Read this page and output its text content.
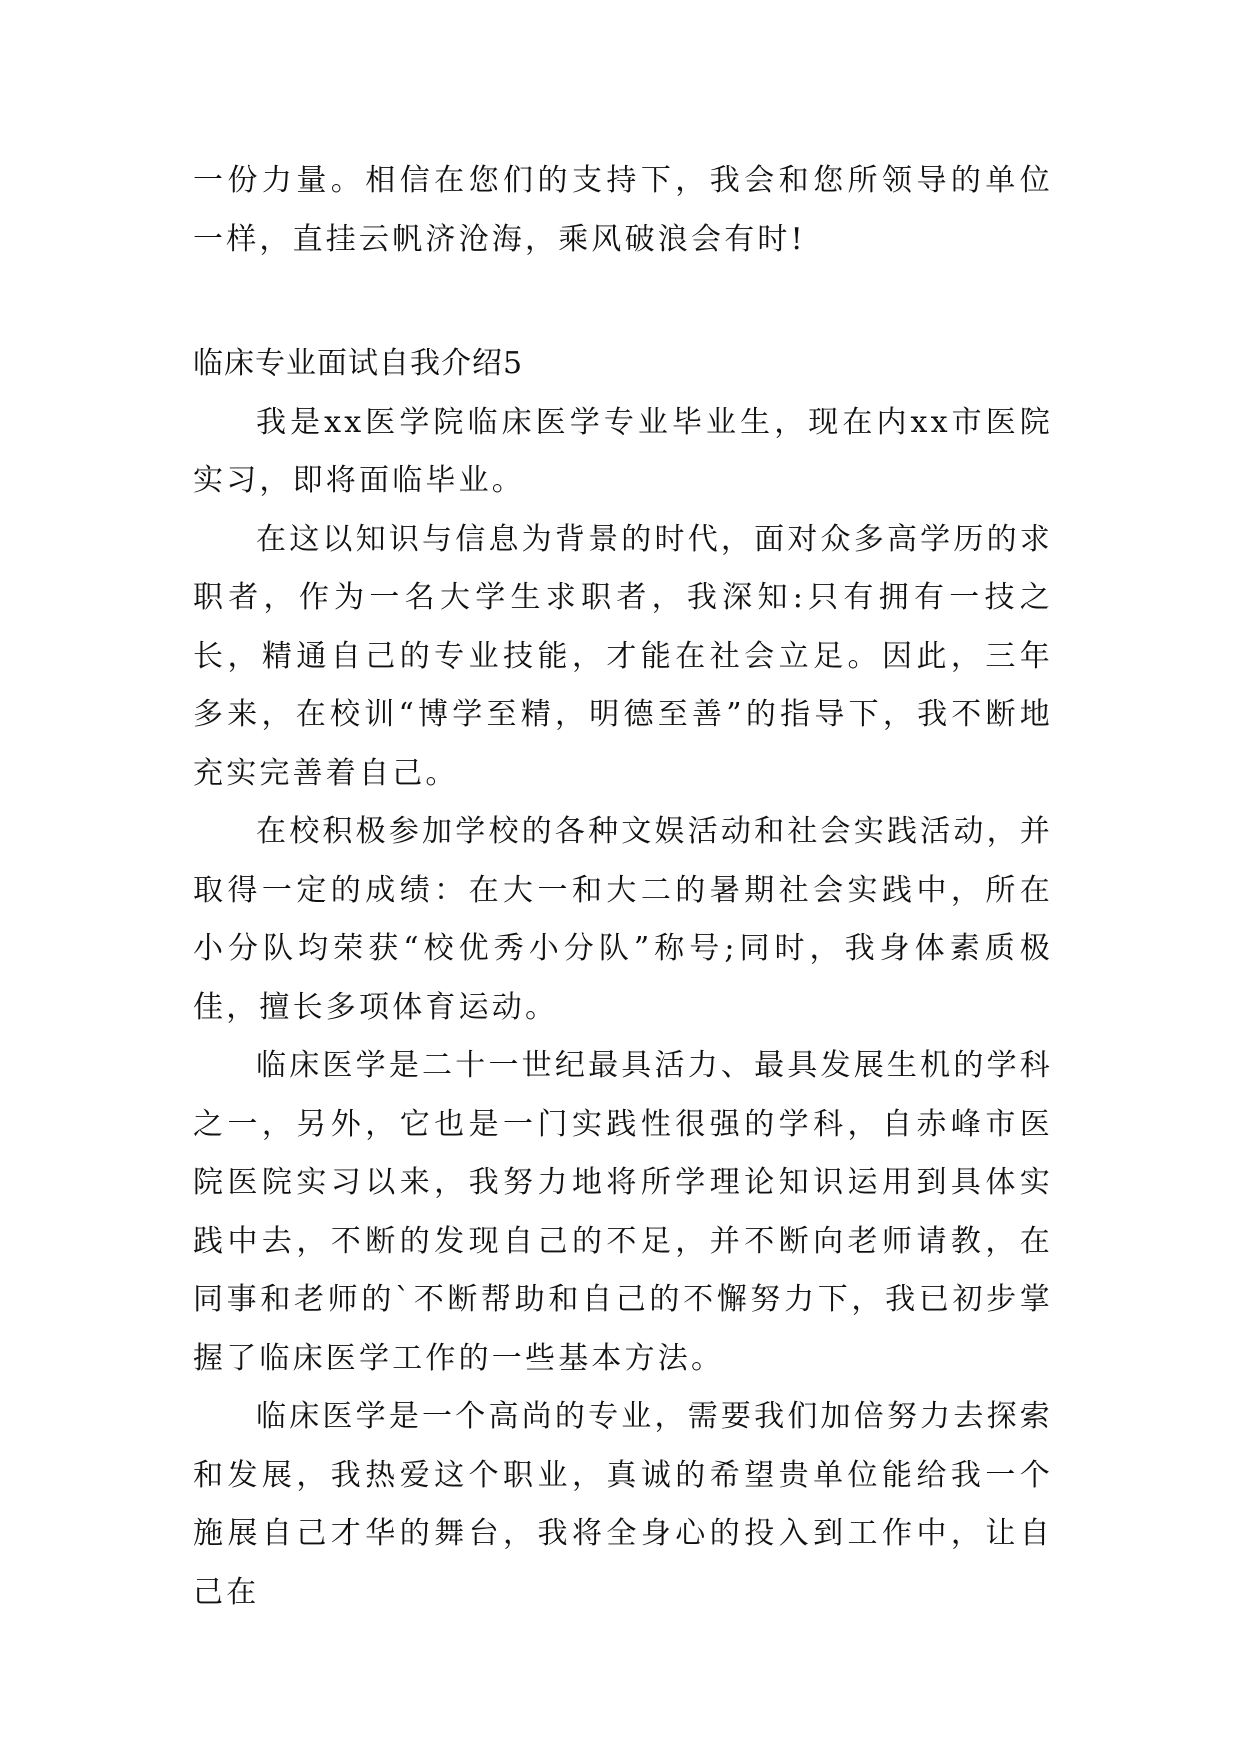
一份力量。相信在您们的支持下，我会和您所领导的单位一样，直挂云帆济沧海，乘风破浪会有时!

临床专业面试自我介绍5

我是xx医学院临床医学专业毕业生，现在内xx市医院实习，即将面临毕业。

在这以知识与信息为背景的时代，面对众多高学历的求职者，作为一名大学生求职者，我深知:只有拥有一技之长，精通自己的专业技能，才能在社会立足。因此，三年多来，在校训“博学至精，明德至善”的指导下，我不断地充实完善着自己。

在校积极参加学校的各种文娱活动和社会实践活动，并取得一定的成绩：在大一和大二的暑期社会实践中，所在小分队均荣获“校优秀小分队”称号;同时，我身体素质极佳，擅长多项体育运动。

临床医学是二十一世纪最具活力、最具发展生机的学科之一，另外，它也是一门实践性很强的学科，自赤峰市医院医院实习以来，我努力地将所学理论知识运用到具体实践中去，不断的发现自己的不足，并不断向老师请教，在同事和老师的`不断帮助和自己的不懈努力下，我已初步掌握了临床医学工作的一些基本方法。

临床医学是一个高尚的专业，需要我们加倍努力去探索和发展，我热爱这个职业，真诚的希望贵单位能给我一个施展自己才华的舞台，我将全身心的投入到工作中，让自己在
